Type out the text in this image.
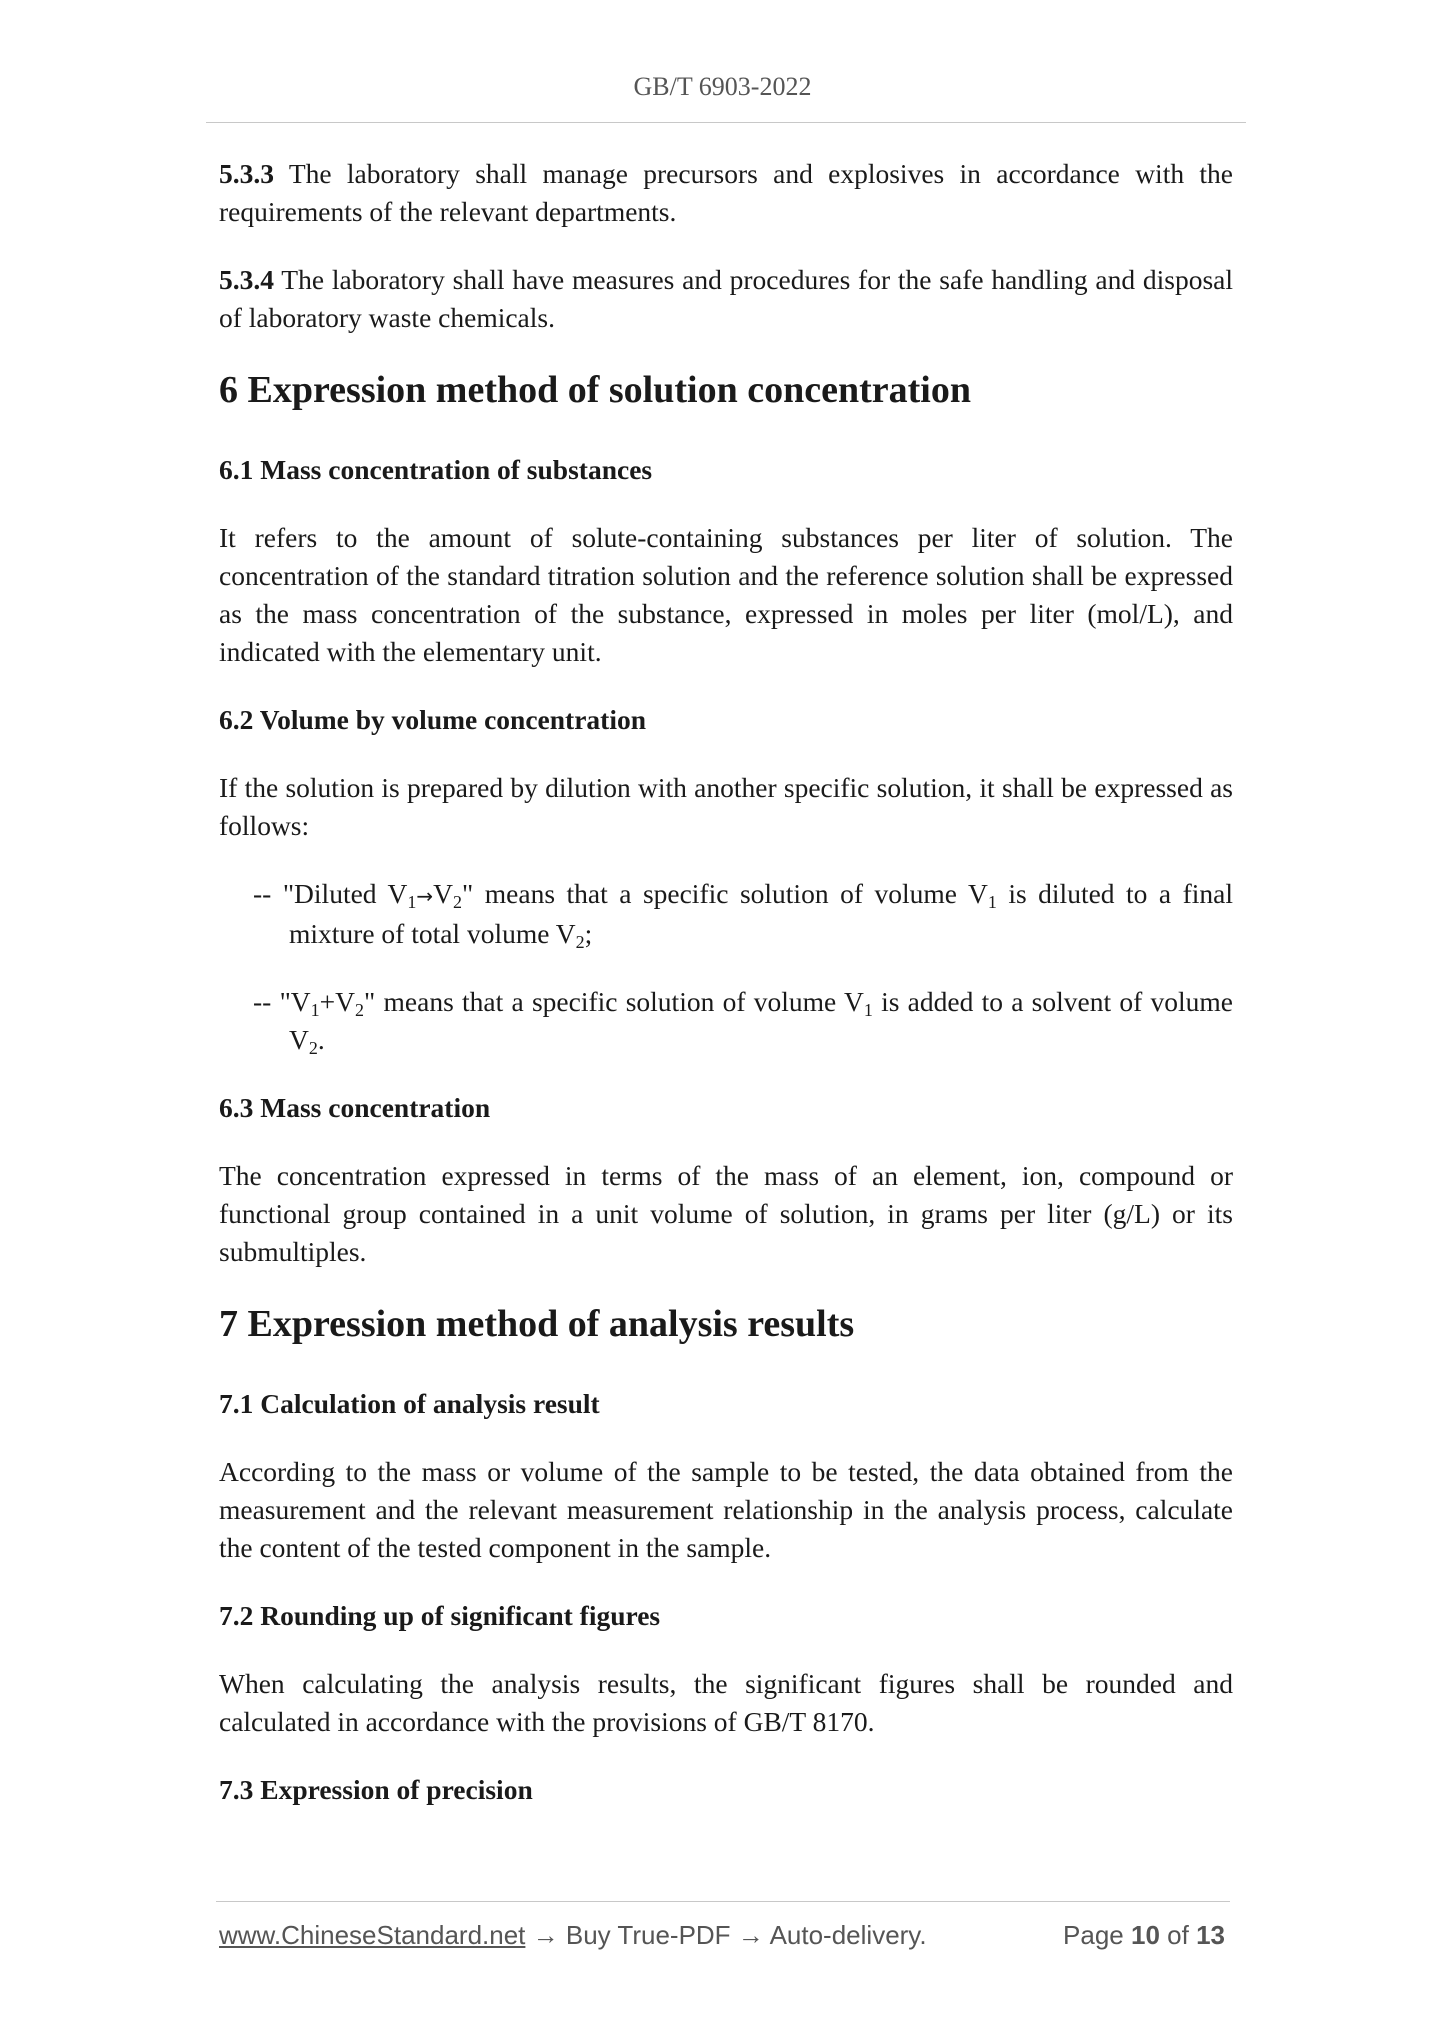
GB/T 6903-2022

5.3.3 The laboratory shall manage precursors and explosives in accordance with the requirements of the relevant departments.

5.3.4 The laboratory shall have measures and procedures for the safe handling and disposal of laboratory waste chemicals.

6 Expression method of solution concentration
6.1 Mass concentration of substances

It refers to the amount of solute-containing substances per liter of solution. The concentration of the standard titration solution and the reference solution shall be expressed as the mass concentration of the substance, expressed in moles per liter (mol/L), and indicated with the elementary unit.

6.2 Volume by volume concentration

If the solution is prepared by dilution with another specific solution, it shall be expressed as follows:

-- "Diluted $V_1\to V_2$" means that a specific solution of volume $V_1$ is diluted to a final mixture of total volume $V_2$;

-- "$V_1+V_2$" means that a specific solution of volume $V_1$ is added to a solvent of volume $V_2$.

6.3 Mass concentration

The concentration expressed in terms of the mass of an element, ion, compound or functional group contained in a unit volume of solution, in grams per liter (g/L) or its submultiples.

7 Expression method of analysis results
7.1 Calculation of analysis result

According to the mass or volume of the sample to be tested, the data obtained from the measurement and the relevant measurement relationship in the analysis process, calculate the content of the tested component in the sample.

7.2 Rounding up of significant figures

When calculating the analysis results, the significant figures shall be rounded and calculated in accordance with the provisions of GB/T 8170.

7.3 Expression of precision
www.ChineseStandard.net → Buy True-PDF → Auto-delivery.	Page 10 of 13
